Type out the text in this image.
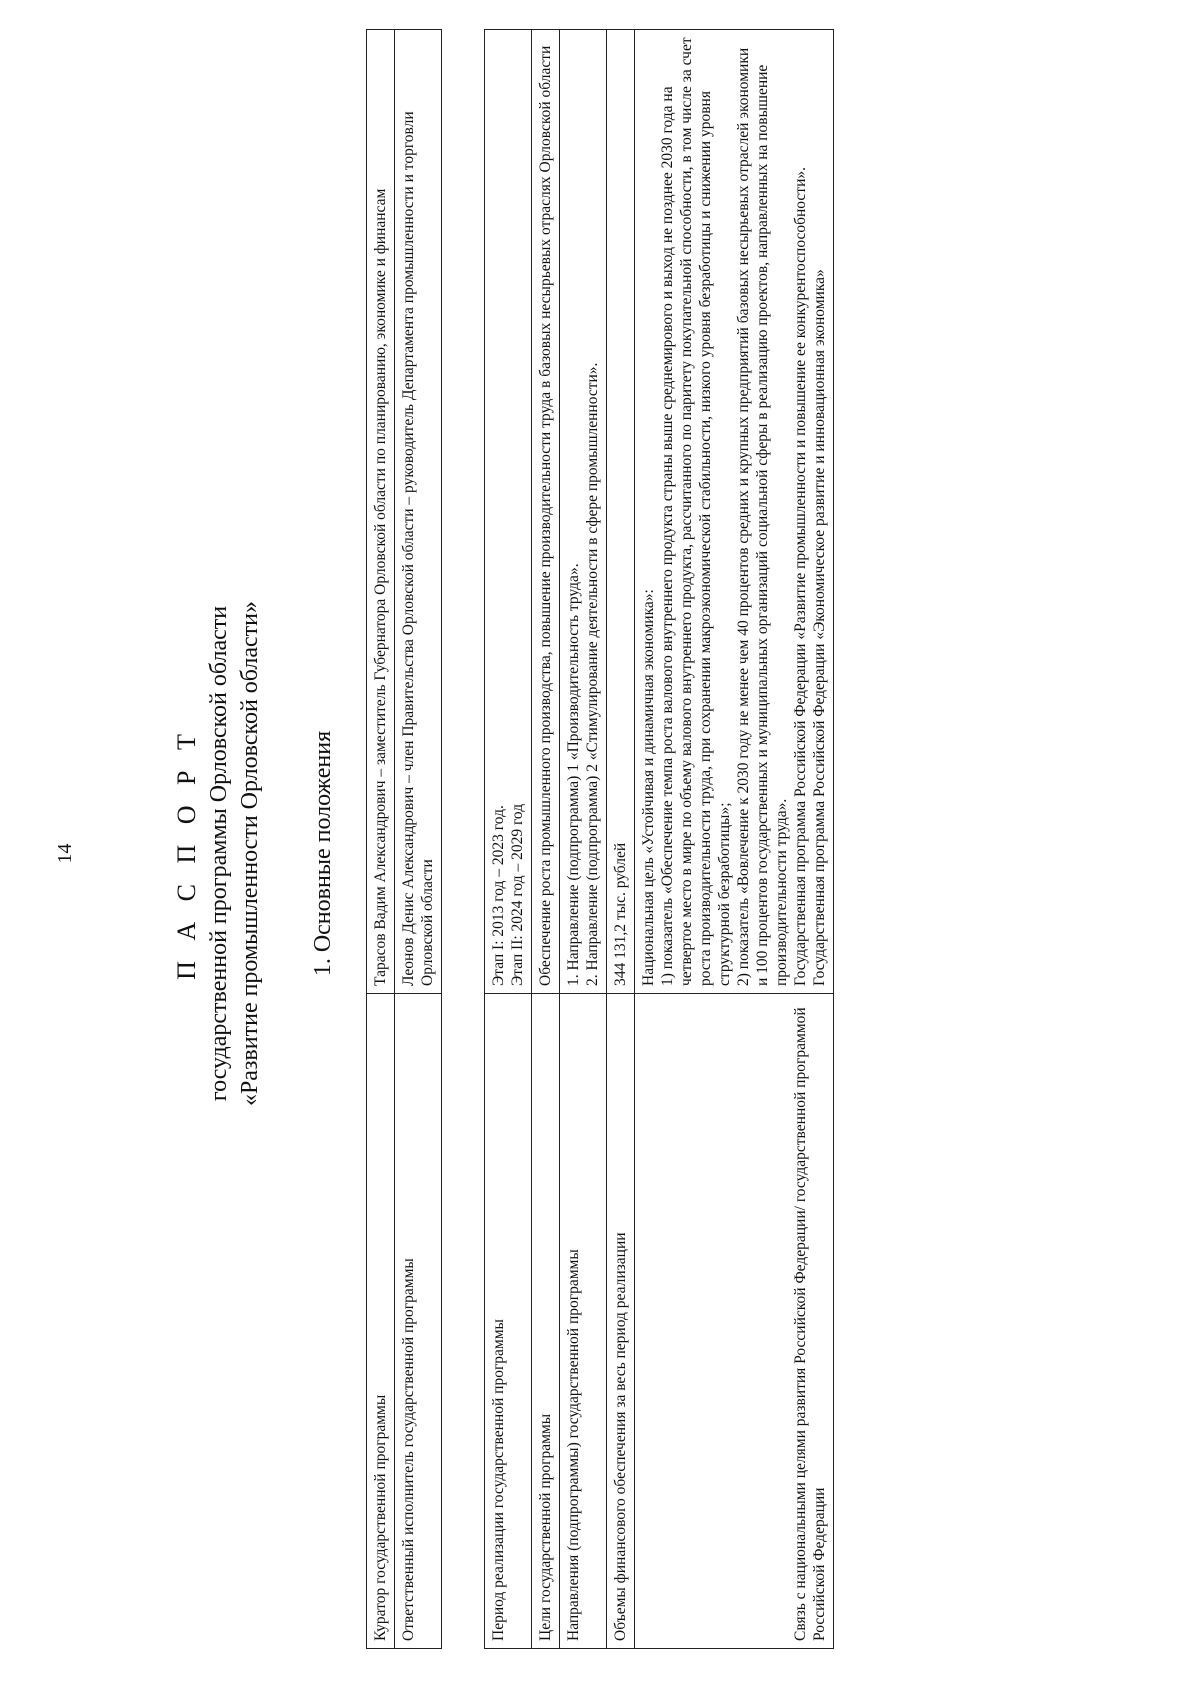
14	П А С П О Р Т государственной программы Орловской области «Развитие промышленности Орловской области» 1. Основные положения
Куратор государственной программы	Тарасов Вадим Александрович – заместитель Губернатора Орловской области по планированию, экономике и финансам

Ответственный исполнитель государственной программы	Леонов Денис Александрович – член Правительства Орловской области – руководитель Департамента промышленности и торговли Орловской области
Период реализации государственной программы	Этап I: 2013 год – 2023 год. Этап II: 2024 год – 2029 год

Цели государственной программы	Обеспечение роста промышленного производства, повышение производительности труда в базовых несырьевых отраслях Орловской области

Направления (подпрограммы) государственной программы	1. Направление (подпрограмма) 1 «Производительность труда». 2. Направление (подпрограмма) 2 «Стимулирование деятельности в сфере промышленности».

Объемы финансового обеспечения за весь период реализации	344 131,2 тыс. рублей

Связь с национальными целями развития Российской Федерации/ государственной программой Российской Федерации	Национальная цель «Устойчивая и динамичная экономика»: 1) показатель «Обеспечение темпа роста валового внутреннего продукта страны выше среднемирового и выход не позднее 2030 года на четвертое место в мире по объему валового внутреннего продукта, рассчитанного по паритету покупательной способности, в том числе за счет роста производительности труда, при сохранении макроэкономической стабильности, низкого уровня безработицы и снижении уровня структурной безработицы»; 2) показатель «Вовлечение к 2030 году не менее чем 40 процентов средних и крупных предприятий базовых несырьевых отраслей экономики и 100 процентов государственных и муниципальных организаций социальной сферы в реализацию проектов, направленных на повышение производительности труда». Государственная программа Российской Федерации «Развитие промышленности и повышение ее конкурентоспособности». Государственная программа Российской Федерации «Экономическое развитие и инновационная экономика»
